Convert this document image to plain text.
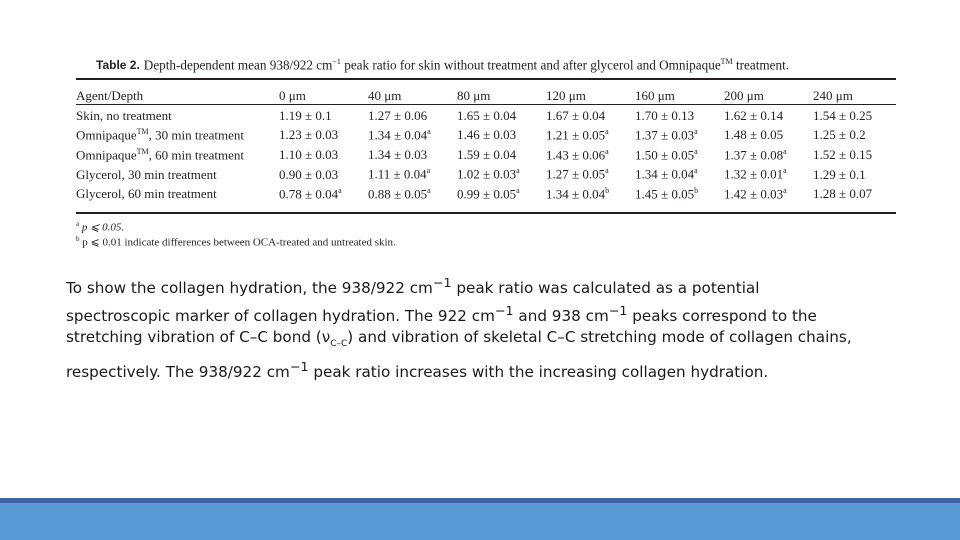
Table 2. Depth-dependent mean 938/922 $cm^{-1}$ peak ratio for skin without treatment and after glycerol and Omnipaque™ treatment.
Agent/Depth	0 μm	40 μm	80 μm	120 μm	160 μm	200 μm	240 μm
Skin, no treatment	1.19 ± 0.1	1.27 ± 0.06	1.65 ± 0.04	1.67 ± 0.04	1.70 ± 0.13	1.62 ± 0.14	1.54 ± 0.25
Omnipaque™, 30 min treatment	1.23 ± 0.03	1.34 ± 0.04$^a$	1.46 ± 0.03	1.21 ± 0.05$^a$	1.37 ± 0.03$^a$	1.48 ± 0.05	1.25 ± 0.2
Omnipaque™, 60 min treatment	1.10 ± 0.03	1.34 ± 0.03	1.59 ± 0.04	1.43 ± 0.06$^a$	1.50 ± 0.05$^a$	1.37 ± 0.08$^a$	1.52 ± 0.15
Glycerol, 30 min treatment	0.90 ± 0.03	1.11 ± 0.04$^a$	1.02 ± 0.03$^a$	1.27 ± 0.05$^a$	1.34 ± 0.04$^a$	1.32 ± 0.01$^a$	1.29 ± 0.1
Glycerol, 60 min treatment	0.78 ± 0.04$^a$	0.88 ± 0.05$^a$	0.99 ± 0.05$^a$	1.34 ± 0.04$^b$	1.45 ± 0.05$^b$	1.42 ± 0.03$^a$	1.28 ± 0.07
$^a$ p ⩽ 0.05.
$^b$ p ⩽ 0.01 indicate differences between OCA-treated and untreated skin.
To show the collagen hydration, the 938/922 $cm^{-1}$ peak ratio was calculated as a potential spectroscopic marker of collagen hydration. The 922 $cm^{-1}$ and 938 $cm^{-1}$ peaks correspond to the stretching vibration of C–C bond $(\nu_{C-C})$ and vibration of skeletal C–C stretching mode of collagen chains, respectively. The 938/922 $cm^{-1}$ peak ratio increases with the increasing collagen hydration.
